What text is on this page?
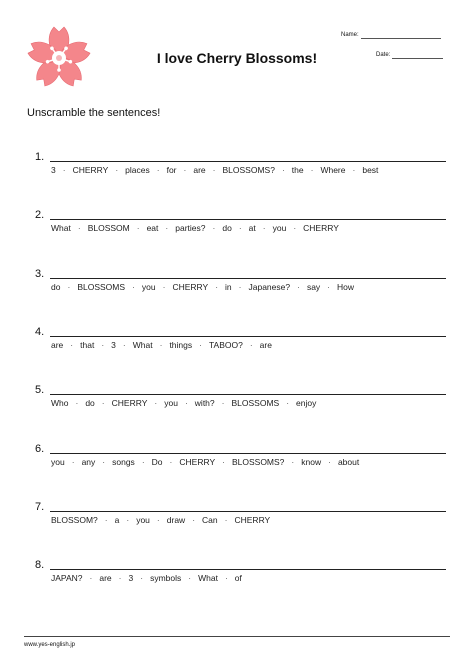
I love Cherry Blossoms!
Name:
Date:
Unscramble the sentences!
1.
3 · CHERRY · places · for · are · BLOSSOMS? · the · Where · best
2.
What · BLOSSOM · eat · parties? · do · at · you · CHERRY
3.
do · BLOSSOMS · you · CHERRY · in · Japanese? · say · How
4.
are · that · 3 · What · things · TABOO? · are
5.
Who · do · CHERRY · you · with? · BLOSSOMS · enjoy
6.
you · any · songs · Do · CHERRY · BLOSSOMS? · know · about
7.
BLOSSOM? · a · you · draw · Can · CHERRY
8.
JAPAN? · are · 3 · symbols · What · of
www.yes-english.jp
